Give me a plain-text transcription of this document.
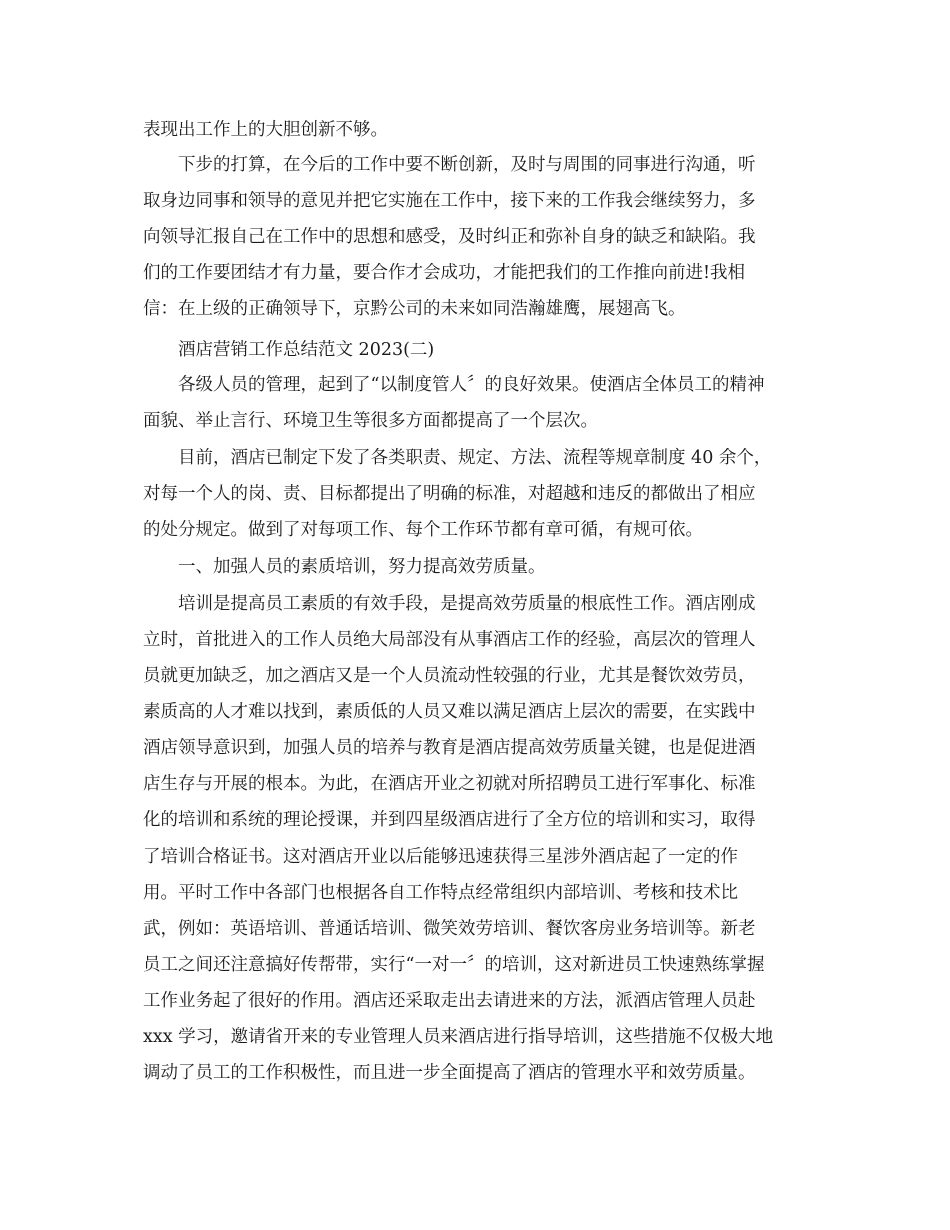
表现出工作上的大胆创新不够。
下步的打算，在今后的工作中要不断创新，及时与周围的同事进行沟通，听
取身边同事和领导的意见并把它实施在工作中，接下来的工作我会继续努力，多
向领导汇报自己在工作中的思想和感受，及时纠正和弥补自身的缺乏和缺陷。我
们的工作要团结才有力量，要合作才会成功，才能把我们的工作推向前进!我相
信：在上级的正确领导下，京黔公司的未来如同浩瀚雄鹰，展翅高飞。
酒店营销工作总结范文 2023(二)
各级人员的管理，起到了“以制度管人〞的良好效果。使酒店全体员工的精神
面貌、举止言行、环境卫生等很多方面都提高了一个层次。
目前，酒店已制定下发了各类职责、规定、方法、流程等规章制度 40 余个，
对每一个人的岗、责、目标都提出了明确的标准，对超越和违反的都做出了相应
的处分规定。做到了对每项工作、每个工作环节都有章可循，有规可依。
一、加强人员的素质培训，努力提高效劳质量。
培训是提高员工素质的有效手段，是提高效劳质量的根底性工作。酒店刚成
立时，首批进入的工作人员绝大局部没有从事酒店工作的经验，高层次的管理人
员就更加缺乏，加之酒店又是一个人员流动性较强的行业，尤其是餐饮效劳员，
素质高的人才难以找到，素质低的人员又难以满足酒店上层次的需要，在实践中
酒店领导意识到，加强人员的培养与教育是酒店提高效劳质量关键，也是促进酒
店生存与开展的根本。为此，在酒店开业之初就对所招聘员工进行军事化、标准
化的培训和系统的理论授课，并到四星级酒店进行了全方位的培训和实习，取得
了培训合格证书。这对酒店开业以后能够迅速获得三星涉外酒店起了一定的作
用。平时工作中各部门也根据各自工作特点经常组织内部培训、考核和技术比
武，例如：英语培训、普通话培训、微笑效劳培训、餐饮客房业务培训等。新老
员工之间还注意搞好传帮带，实行“一对一〞的培训，这对新进员工快速熟练掌握
工作业务起了很好的作用。酒店还采取走出去请进来的方法，派酒店管理人员赴
xxx 学习，邀请省开来的专业管理人员来酒店进行指导培训，这些措施不仅极大地
调动了员工的工作积极性，而且进一步全面提高了酒店的管理水平和效劳质量。
